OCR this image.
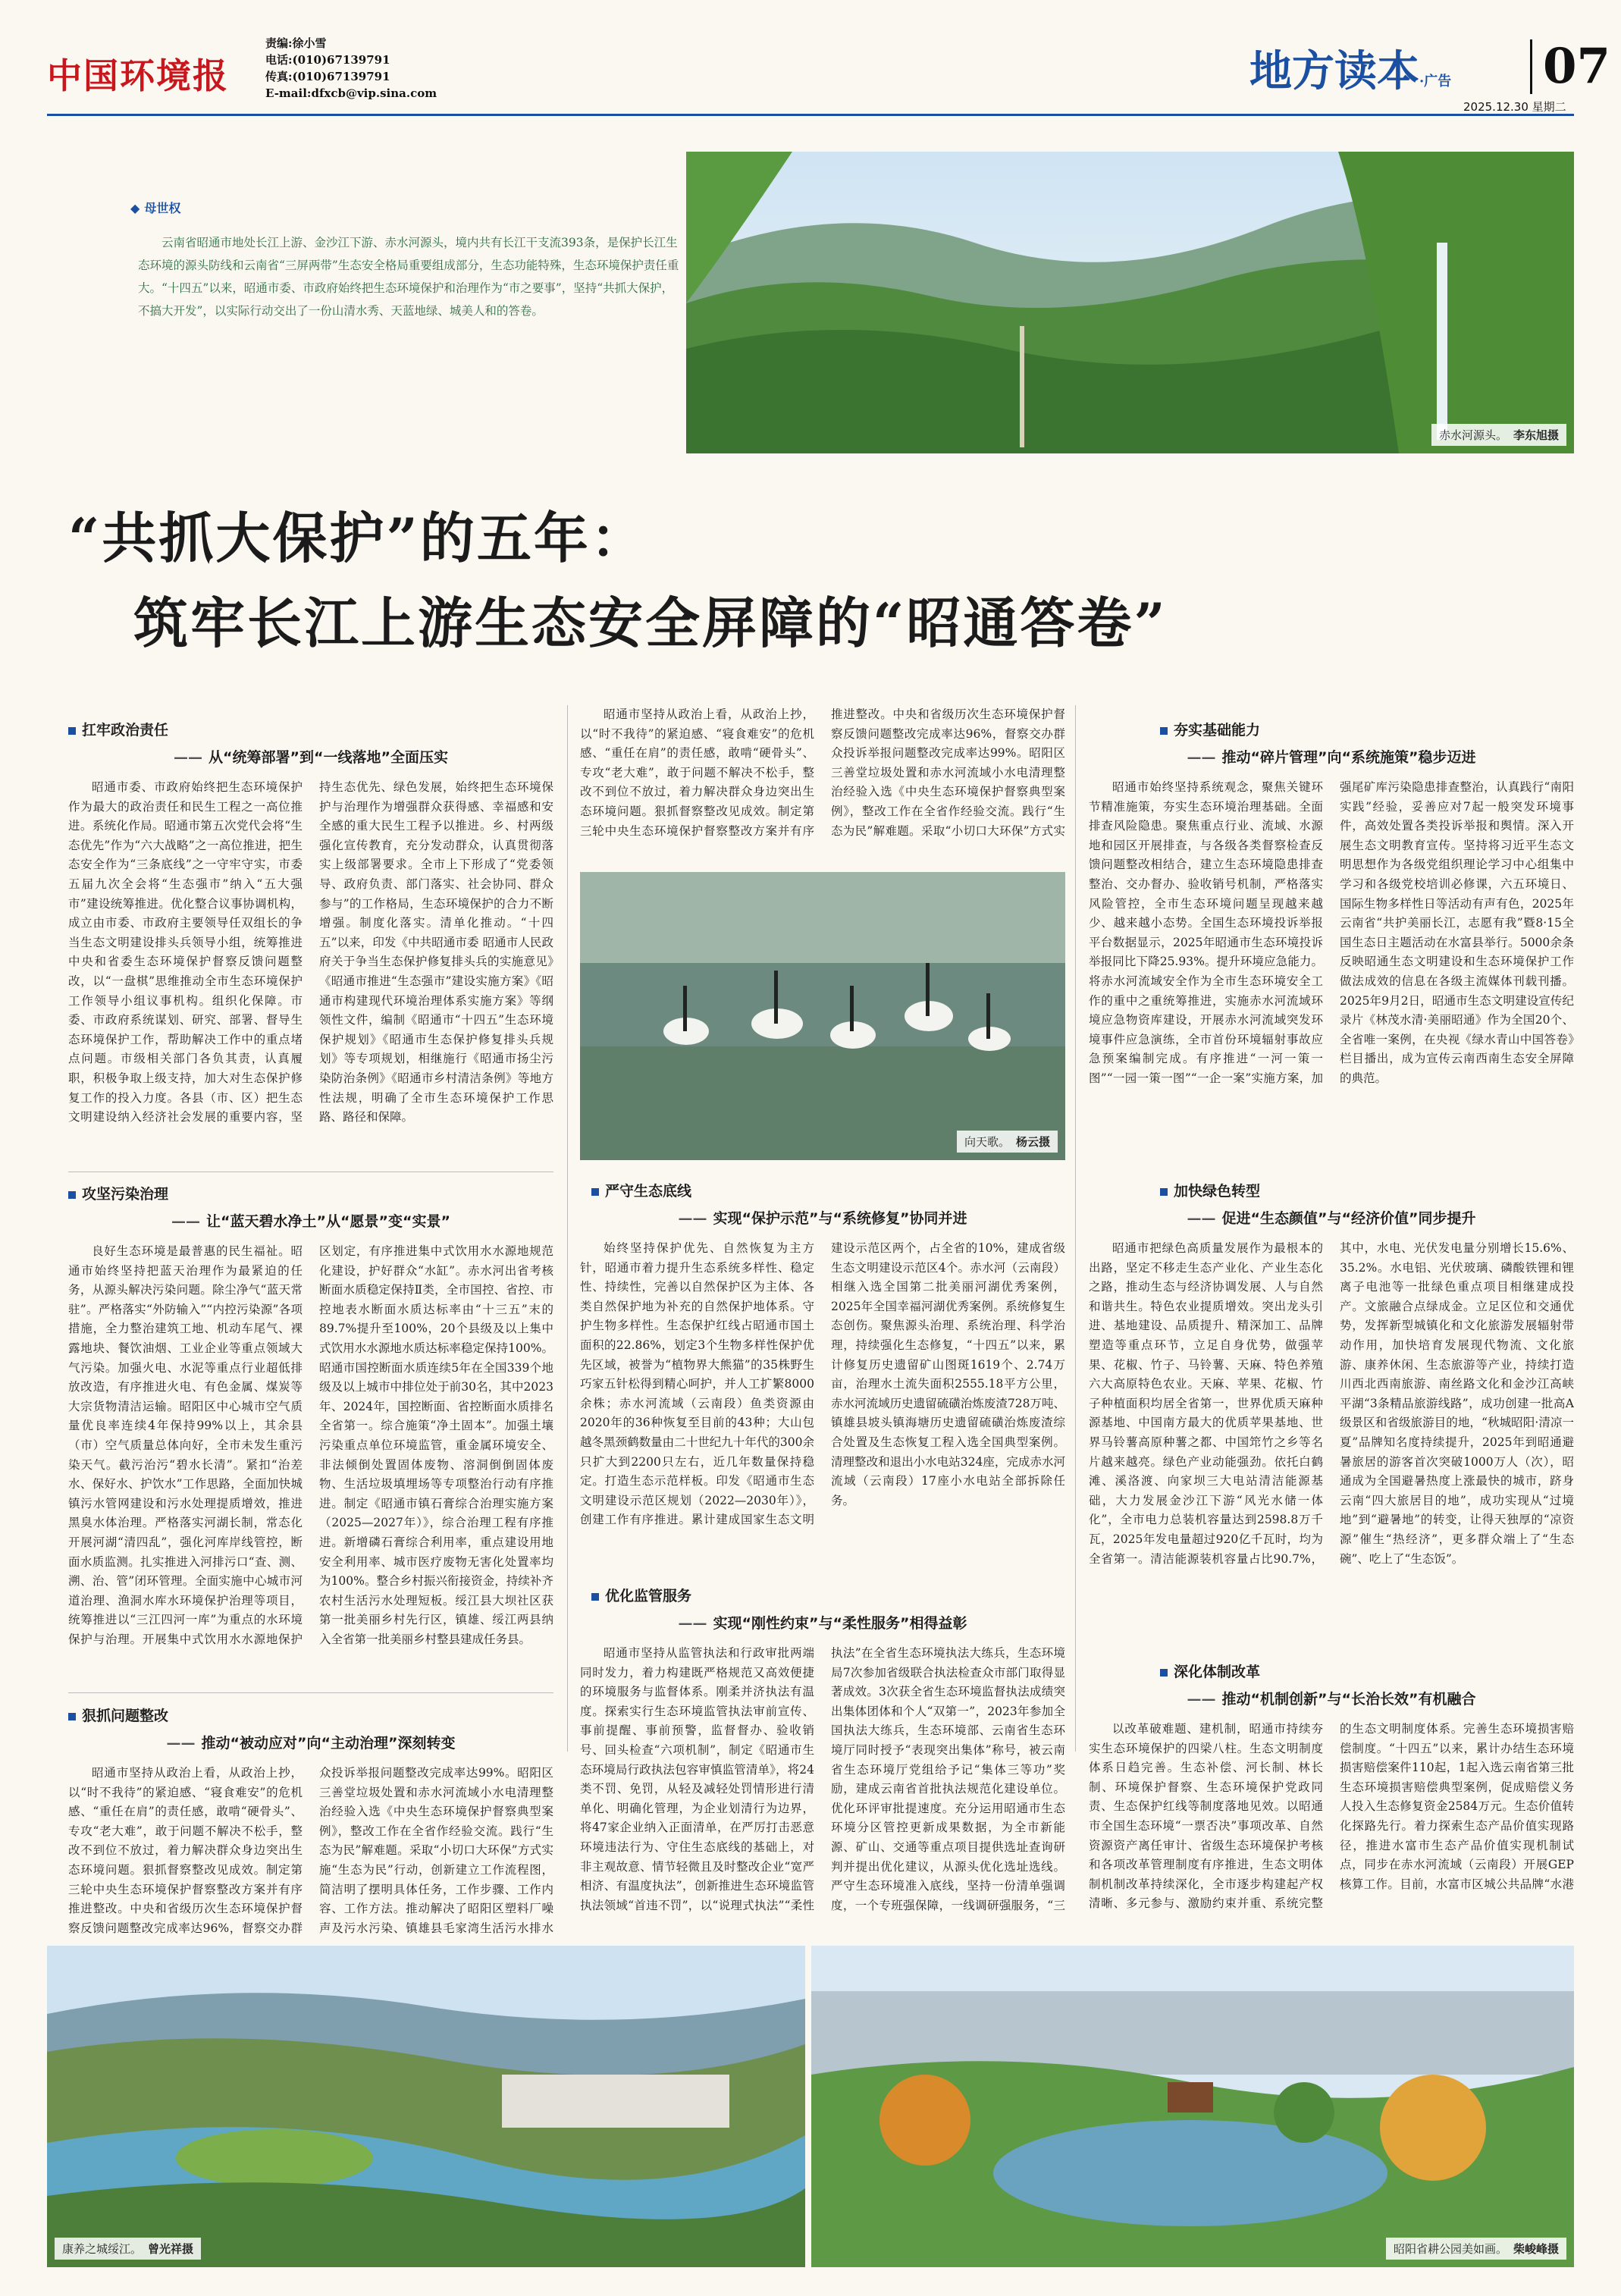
中国环境报
责编:徐小雪
电话:(010)67139791
传真:(010)67139791
E-mail:dfxcb@vip.sina.com	地方读本·广告 07
2025.12.30 星期二
赤水河源头。 李东旭摄
◆ 母世权
云南省昭通市地处长江上游、金沙江下游、赤水河源头，境内共有长江干支流393条，是保护长江生态环境的源头防线和云南省“三屏两带”生态安全格局重要组成部分，生态功能特殊，生态环境保护责任重大。“十四五”以来，昭通市委、市政府始终把生态环境保护和治理作为“市之要事”，坚持“共抓大保护，不搞大开发”，以实际行动交出了一份山清水秀、天蓝地绿、城美人和的答卷。
“共抓大保护”的五年：
筑牢长江上游生态安全屏障的“昭通答卷”
扛牢政治责任
—— 从“统筹部署”到“一线落地”全面压实

昭通市委、市政府始终把生态环境保护作为最大的政治责任和民生工程之一高位推进。系统化作局。昭通市第五次党代会将“生态优先”作为“六大战略”之一高位推进，把生态安全作为“三条底线”之一守牢守实，市委五届九次全会将“生态强市”纳入“五大强市”建设统筹推进。优化整合议事协调机构，成立由市委、市政府主要领导任双组长的争当生态文明建设排头兵领导小组，统筹推进中央和省委生态环境保护督察反馈问题整改，以“一盘棋”思维推动全市生态环境保护工作领导小组议事机构。组织化保障。市委、市政府系统谋划、研究、部署、督导生态环境保护工作，帮助解决工作中的重点堵点问题。市级相关部门各负其责，认真履职，积极争取上级支持，加大对生态保护修复工作的投入力度。各县（市、区）把生态文明建设纳入经济社会发展的重要内容，坚持生态优先、绿色发展，始终把生态环境保护与治理作为增强群众获得感、幸福感和安全感的重大民生工程予以推进。乡、村两级强化宣传教育，充分发动群众，认真贯彻落实上级部署要求。全市上下形成了“党委领导、政府负责、部门落实、社会协同、群众参与”的工作格局，生态环境保护的合力不断增强。制度化落实。清单化推动。“十四五”以来，印发《中共昭通市委 昭通市人民政府关于争当生态保护修复排头兵的实施意见》《昭通市推进“生态强市”建设实施方案》《昭通市构建现代环境治理体系实施方案》等纲领性文件，编制《昭通市“十四五”生态环境保护规划》《昭通市生态保护修复排头兵规划》等专项规划，相继施行《昭通市扬尘污染防治条例》《昭通市乡村清洁条例》等地方性法规，明确了全市生态环境保护工作思路、路径和保障。

攻坚污染治理
—— 让“蓝天碧水净土”从“愿景”变“实景”

良好生态环境是最普惠的民生福祉。昭通市始终坚持把蓝天治理作为最紧迫的任务，从源头解决污染问题。除尘净气“蓝天常驻”。严格落实“外防输入”“内控污染源”各项措施，全力整治建筑工地、机动车尾气、裸露地块、餐饮油烟、工业企业等重点领域大气污染。加强火电、水泥等重点行业超低排放改造，有序推进火电、有色金属、煤炭等大宗货物清洁运输。昭阳区中心城市空气质量优良率连续4年保持99%以上，其余县（市）空气质量总体向好，全市未发生重污染天气。截污治污“碧水长清”。紧扣“治差水、保好水、护饮水”工作思路，全面加快城镇污水管网建设和污水处理提质增效，推进黑臭水体治理。严格落实河湖长制，常态化开展河湖“清四乱”，强化河库岸线管控，断面水质监测。扎实推进入河排污口“查、测、溯、治、管”闭环管理。全面实施中心城市河道治理、渔洞水库水环境保护治理等项目，统筹推进以“三江四河一库”为重点的水环境保护与治理。开展集中式饮用水水源地保护区划定，有序推进集中式饮用水水源地规范化建设，护好群众“水缸”。赤水河出省考核断面水质稳定保持Ⅱ类，全市国控、省控、市控地表水断面水质达标率由“十三五”末的89.7%提升至100%，20个县级及以上集中式饮用水水源地水质达标率稳定保持100%。昭通市国控断面水质连续5年在全国339个地级及以上城市中排位处于前30名，其中2023年、2024年，国控断面、省控断面水质排名全省第一。综合施策“净土固本”。加强土壤污染重点单位环境监管，重金属环境安全、非法倾倒处置固体废物、溶洞倒倒固体废物、生活垃圾填埋场等专项整治行动有序推进。制定《昭通市镇石膏综合治理实施方案（2025—2027年）》，综合治理工程有序推进。新增磷石膏综合利用率，重点建设用地安全利用率、城市医疗废物无害化处置率均为100%。整合乡村振兴衔接资金，持续补齐农村生活污水处理短板。绥江县大坝社区获第一批美丽乡村先行区，镇雄、绥江两县纳入全省第一批美丽乡村整县建成任务县。

狠抓问题整改
—— 推动“被动应对”向“主动治理”深刻转变

昭通市坚持从政治上看，从政治上抄，以“时不我待”的紧迫感、“寝食难安”的危机感、“重任在肩”的责任感，敢啃“硬骨头”、专攻“老大难”，敢于问题不解决不松手，整改不到位不放过，着力解决群众身边突出生态环境问题。狠抓督察整改见成效。制定第三轮中央生态环境保护督察整改方案并有序推进整改。中央和省级历次生态环境保护督察反馈问题整改完成率达96%，督察交办群众投诉举报问题整改完成率达99%。昭阳区三善堂垃圾处置和赤水河流域小水电清理整治经验入选《中央生态环境保护督察典型案例》，整改工作在全省作经验交流。践行“生态为民”解难题。采取“小切口大环保”方式实施“生态为民”行动，创新建立工作流程图，简洁明了摆明具体任务，工作步骤、工作内容、工作方法。推动解决了昭阳区塑料厂噪声及污水污染、镇雄县毛家湾生活污水排水

昭通市坚持从政治上看，从政治上抄，以“时不我待”的紧迫感、“寝食难安”的危机感、“重任在肩”的责任感，敢啃“硬骨头”、专攻“老大难”，敢于问题不解决不松手，整改不到位不放过，着力解决群众身边突出生态环境问题。狠抓督察整改见成效。制定第三轮中央生态环境保护督察整改方案并有序推进整改。中央和省级历次生态环境保护督察反馈问题整改完成率达96%，督察交办群众投诉举报问题整改完成率达99%。昭阳区三善堂垃圾处置和赤水河流域小水电清理整治经验入选《中央生态环境保护督察典型案例》，整改工作在全省作经验交流。践行“生态为民”解难题。采取“小切口大环保”方式实

向天歌。 杨云摄
严守生态底线
—— 实现“保护示范”与“系统修复”协同并进

始终坚持保护优先、自然恢复为主方针，昭通市着力提升生态系统多样性、稳定性、持续性，完善以自然保护区为主体、各类自然保护地为补充的自然保护地体系。守护生物多样性。生态保护红线占昭通市国土面积的22.86%，划定3个生物多样性保护优先区域，被誉为“植物界大熊猫”的35株野生巧家五针松得到精心呵护，并人工扩繁8000余株；赤水河流域（云南段）鱼类资源由2020年的36种恢复至目前的43种；大山包越冬黑颈鹤数量由二十世纪九十年代的300余只扩大到2200只左右，近几年数量保持稳定。打造生态示范样板。印发《昭通市生态文明建设示范区规划（2022—2030年）》，创建工作有序推进。累计建成国家生态文明建设示范区两个，占全省的10%，建成省级生态文明建设示范区4个。赤水河（云南段）相继入选全国第二批美丽河湖优秀案例，2025年全国幸福河湖优秀案例。系统修复生态创伤。聚焦源头治理、系统治理、科学治理，持续强化生态修复，“十四五”以来，累计修复历史遗留矿山图斑1619个、2.74万亩，治理水土流失面积2555.18平方公里，赤水河流域历史遗留硫磺治炼废渣728万吨、镇雄县坡头镇海塘历史遗留硫磺治炼废渣综合处置及生态恢复工程入选全国典型案例。清理整改和退出小水电站324座，完成赤水河流域（云南段）17座小水电站全部拆除任务。

优化监管服务
—— 实现“刚性约束”与“柔性服务”相得益彰

昭通市坚持从监管执法和行政审批两端同时发力，着力构建既严格规范又高效便捷的环境服务与监督体系。刚柔并济执法有温度。探索实行生态环境监管执法审前宣传、事前提醒、事前预警，监督督办、验收销号、回头检查“六项机制”，制定《昭通市生态环境局行政执法包容审慎监管清单》，将24类不罚、免罚，从轻及减轻处罚情形进行清单化、明确化管理，为企业划清行为边界，将47家企业纳入正面清单，在严厉打击恶意环境违法行为、守住生态底线的基础上，对非主观故意、情节轻微且及时整改企业“宽严相济、有温度执法”，创新推进生态环境监管执法领域“首违不罚”，以“说理式执法”“柔性执法”在全省生态环境执法大练兵，生态环境局7次参加省级联合执法检查众市部门取得显著成效。3次获全省生态环境监督执法成绩突出集体团体和个人“双第一”，2023年参加全国执法大练兵，生态环境部、云南省生态环境厅同时授予“表现突出集体”称号，被云南省生态环境厅党组给予记“集体三等功”奖励，建成云南省首批执法规范化建设单位。优化环评审批提速度。充分运用昭通市生态环境分区管控更新成果数据，为全市新能源、矿山、交通等重点项目提供选址查询研判并提出优化建议，从源头优化选址选线。严守生态环境准入底线，坚持一份清单强调度，一个专班强保障，一线调研强服务，“三

夯实基础能力
—— 推动“碎片管理”向“系统施策”稳步迈进

昭通市始终坚持系统观念，聚焦关键环节精准施策，夯实生态环境治理基础。全面排查风险隐患。聚焦重点行业、流域、水源地和园区开展排查，与各级各类督察检查反馈问题整改相结合，建立生态环境隐患排查整治、交办督办、验收销号机制，严格落实风险管控，全市生态环境问题呈现越来越少、越来越小态势。全国生态环境投诉举报平台数据显示，2025年昭通市生态环境投诉举报同比下降25.93%。提升环境应急能力。将赤水河流域安全作为全市生态环境安全工作的重中之重统筹推进，实施赤水河流域环境应急物资库建设，开展赤水河流域突发环境事件应急演练，全市首份环境辐射事故应急预案编制完成。有序推进“一河一策一图”“一园一策一图”“一企一案”实施方案，加强尾矿库污染隐患排查整治，认真践行“南阳实践”经验，妥善应对7起一般突发环境事件，高效处置各类投诉举报和舆情。深入开展生态文明教育宣传。坚持将习近平生态文明思想作为各级党组织理论学习中心组集中学习和各级党校培训必修课，六五环境日、国际生物多样性日等活动有声有色，2025年云南省“共护美丽长江，志愿有我”暨8·15全国生态日主题活动在水富县举行。5000余条反映昭通生态文明建设和生态环境保护工作做法成效的信息在各级主流媒体刊载刊播。2025年9月2日，昭通市生态文明建设宣传纪录片《林茂水清·美丽昭通》作为全国20个、全省唯一案例，在央视《绿水青山中国答卷》栏目播出，成为宣传云南西南生态安全屏障的典范。

加快绿色转型
—— 促进“生态颜值”与“经济价值”同步提升

昭通市把绿色高质量发展作为最根本的出路，坚定不移走生态产业化、产业生态化之路，推动生态与经济协调发展、人与自然和谐共生。特色农业提质增效。突出龙头引进、基地建设、品质提升、精深加工、品牌塑造等重点环节，立足自身优势，做强苹果、花椒、竹子、马铃薯、天麻、特色养殖六大高原特色农业。天麻、苹果、花椒、竹子种植面积均居全省第一，世界优质天麻种源基地、中国南方最大的优质苹果基地、世界马铃薯高原种薯之都、中国筇竹之乡等名片越来越亮。绿色产业动能强劲。依托白鹤滩、溪洛渡、向家坝三大电站清洁能源基础，大力发展金沙江下游“风光水储一体化”，全市电力总装机容量达到2598.8万千瓦，2025年发电量超过920亿千瓦时，均为全省第一。清洁能源装机容量占比90.7%，其中，水电、光伏发电量分别增长15.6%、35.2%。水电铝、光伏玻璃、磷酸铁锂和锂离子电池等一批绿色重点项目相继建成投产。文旅融合点绿成金。立足区位和交通优势，发挥新型城镇化和文化旅游发展辐射带动作用，加快培育发展现代物流、文化旅游、康养休闲、生态旅游等产业，持续打造川西北西南旅游、南丝路文化和金沙江高峡平湖“3条精品旅游线路”，成功创建一批高A级景区和省级旅游目的地，“秋城昭阳·清凉一夏”品牌知名度持续提升，2025年到昭通避暑旅居的游客首次突破1000万人（次），昭通成为全国避暑热度上涨最快的城市，跻身云南“四大旅居目的地”，成功实现从“过境地”到“避暑地”的转变，让得天独厚的“凉资源”催生“热经济”，更多群众端上了“生态碗”、吃上了“生态饭”。

深化体制改革
—— 推动“机制创新”与“长治长效”有机融合

以改革破难题、建机制，昭通市持续夯实生态环境保护的四梁八柱。生态文明制度体系日趋完善。生态补偿、河长制、林长制、环境保护督察、生态环境保护党政同责、生态保护红线等制度落地见效。以昭通市全国生态环境“一票否决”事项改革、自然资源资产离任审计、省级生态环境保护考核和各项改革管理制度有序推进，生态文明体制机制改革持续深化，全市逐步构建起产权清晰、多元参与、激励约束并重、系统完整的生态文明制度体系。完善生态环境损害赔偿制度。“十四五”以来，累计办结生态环境损害赔偿案件110起，1起入选云南省第三批生态环境损害赔偿典型案例，促成赔偿义务人投入生态修复资金2584万元。生态价值转化探路先行。着力探索生态产品价值实现路径，推进水富市生态产品价值实现机制试点，同步在赤水河流域（云南段）开展GEP核算工作。目前，水富市区城公共品牌“水港

康养之城绥江。 曾光祥摄	昭阳省耕公园美如画。 柴峻峰摄
